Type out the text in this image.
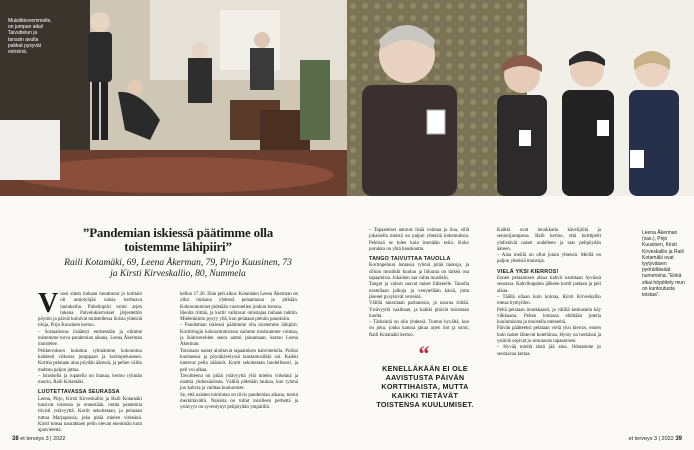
Muistikkovemmelle, on jumpan aika! Taivuttelun ja tanssin avulla pakkat pysyvät vetreinä.
”Pandemian iskiessä päätimme olla toistemme lähipiiri”
Raili Kotamäki, 69, Leena Åkerman, 79, Pirjo Kuusinen, 73 ja Kirsti Kirveskallio, 80, Nummela
V uosi sitten tiuhaan muuttunut jo kotitalo oli autiotyhjää naisia kerhoava laulukerho. Puhelinpiiri toimi arjen tukena. Palvelukierrokset järjestettiin pöytiin ja päivät kuluivat muistellessa iloisia yhteisiä tiloja, Pirjo Kuusinen kertoo.

– Sosiaalisuus lisääntyi entisestään ja olimme toistemme turva pandemian aikana, Leena Åkerman muistelee.

Pelikerroksen kuluttua ryhmämme kokoontuu kahdesti viikossa jumppaan ja kortinpeluuseen. Korttia pelataan aina pöydän ääressä, ja pelien väliin mahtuu paljon juttua.

– Istuskella ja rupatella on ihanaa, kertoo ryhmän nuorin, Raili Kotamäki.

LUOTETTAVASSA SEURASSA

Leena, Pirjo, Kirsti Kirveskallio ja Raili Kotamäki tunsivat toisensa jo ennestään, mutta pandemia tiivisti ystävyyttä. Kortit sekoitetaan, ja pelataan tuttua Marjapussia, joka pitää mielen virkeänä. Kirsti toteaa naurahtaen pelin olevan enemmän kuin ajanvietettä.

kelloo 17.30. Illan peli alkoi. Kotamäen Leena Åkerman on ollut mukana yhdessä pelaamassa jo pitkään. Kokoontumiset pidetään vuorotellen jonkun kotona.

Ideoita riittää, ja kortit vaihtavat omistajaa tiuhaan tahtiin. Mielenkiinto pysyy yllä, kun pelataan pieniin panoksiin.

– Pandemian iskiessä päätimme olla toistemme lähipiiri. Korttiringin kokoontumisissa saimme toisistamme voimaa, ja ikätovereiden seura auttoi jaksamaan, kertoo Leena Åkerman.

Toisinaan naiset aloittavat tapaamisen kahvittelulla. Pullon kuohuessa ja pöytäkävelyssä taustamusiikki soi. Kaikki tuntevat pelin säännöt. Kortit sekoitetaan huolellisesti, ja peli voi alkaa.

Tavoitteena on pitää ystävyyttä yllä mielen virkeänä ja nauttia yhdessäolosta. Välillä pidetään taukoa, kun ryhmä juo kahvia ja vaihtaa kuulumiset.

Se, että naisten toimintaa on tiivis pandemian aikana, tuntui merkittävältä. Naisista on tullut toisilleen perhettä ja ystävyys on syventynyt pelipöydän ympärillä.

38 et terveys 3 | 2022

– Tapaamiset antavat lisää voimaa ja iloa, sillä jokaisella meistä on paljon yhteisiä kokemuksia. Peleissä se tulee kuin itsestään esiin. Koko porukka on yhtä hauskuutta.

TANGO TAIVUTTAA TAUOLLA

Kortinpeluun lomassa ryhmä pitää taukoja, ja silloin musiikki kuuluu ja liikunta on tärkeä osa tapaamisia. Jokainen saa valita musiikin.

Tangot ja valssit saavat naiset liikkeelle. Tauolla nostellaan jalkoja ja venytellään käsiä, jotta jäsenet pysyisivät vetreinä.

Välillä tanssitaan paritanssia, ja naurua riittää. Ystävyyttä vaalitaan, ja kaikki pitävät toisistaan huolta.

– Tärkeintä on olla yhdessä. Tuntuu hyvältä, kun on joku, jonka kanssa jakaa arjen ilot ja surut, Raili Kotamäki kertoo.

Kaikki ovat innokkaita kävelijöitä ja seniorijumpassa. Raili kertoo, että korttipelit yhdistävät naiset uudelleen ja taas pelipöydän ääreen.

– Aina meillä on ollut jotain yhteistä. Meillä on paljon yhteisiä muistoja.

VIELÄ YKSI KIERROS!

Ennen pelaamisen alkua kahvit nautitaan hyvässä seurassa. Kahvikuppien jälkeen kortit jaetaan ja peli alkaa.

– Täällä ollaan kuin kotona, Kirsti Kirveskallio toteaa hymyillen.

Peliä pelataan innokkaasti, ja välillä keskustelu käy vilkkaana. Pelien lomassa ehditään jutella kuulumisista ja muistella menneitä.

Päivän päätteeksi pelataan vielä yksi kierros, ennen kuin naiset lähtevät koteihinsa. Hymy on herkässä ja ystävät sopivat jo seuraavan tapaamisen.

– Hyvää mieltä tästä jää aina. Odotamme jo seuraavaa kertaa.

Leena Åkerman (vas.), Pirjo Kuusinen, Kirsti Kirveskallio ja Raili Kotamäki ovat tyytyväisen pyöräiltäväät numeroina. ”Ehkä sikai höpöttely mun on kuntoutusta toistaa”.
“
KENELLÄKÄÄN EI OLE AAVISTUSTA PÄIVÄN KORTTIHAISTA, MUTTA KAIKKI TIETÄVÄT TOISTENSA KUULUMISET.
et terveys 3 | 2022 39
